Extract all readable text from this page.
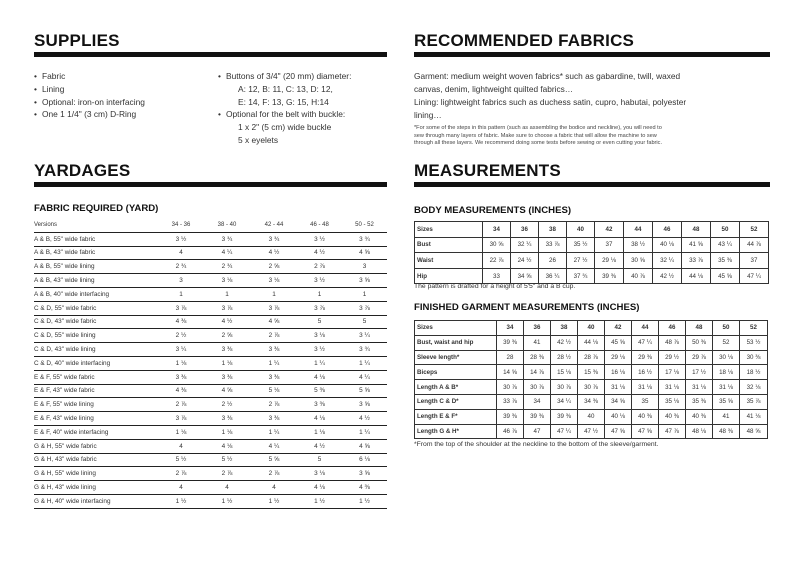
SUPPLIES
• Fabric
• Lining
• Optional: iron-on interfacing
• One 1 1/4" (3 cm) D-Ring
• Buttons of 3/4" (20 mm) diameter:
A: 12, B: 11, C: 13, D: 12,
E: 14, F: 13, G: 15, H:14
• Optional for the belt with buckle:
1 x 2" (5 cm) wide buckle
5 x eyelets
YARDAGES
FABRIC REQUIRED (YARD)
Versions	34 - 36	38 - 40	42 - 44	46 - 48	50 - 52
A & B, 55" wide fabric	3 ½	3 ¾	3 ¾	3 ½	3 ¾
A & B, 43" wide fabric	4	4 ¼	4 ½	4 ½	4 ⅝
A & B, 55" wide lining	2 ¾	2 ¾	2 ⅝	2 ⅞	3
A & B, 43" wide lining	3	3 ⅛	3 ⅛	3 ½	3 ⅝
A & B, 40" wide interfacing	1	1	1	1	1
C & D, 55" wide fabric	3 ⅞	3 ⅞	3 ⅞	3 ⅞	3 ⅞
C & D, 43" wide fabric	4 ⅜	4 ½	4 ⅝	5	5
C & D, 55" wide lining	2 ½	2 ⅝	2 ⅞	3 ⅛	3 ¼
C & D, 43" wide lining	3 ¼	3 ⅜	3 ⅜	3 ½	3 ¾
C & D, 40" wide interfacing	1 ⅛	1 ⅛	1 ¼	1 ¼	1 ¼
E & F, 55" wide fabric	3 ⅜	3 ⅜	3 ⅜	4 ⅛	4 ¼
E & F, 43" wide fabric	4 ⅜	4 ⅝	5 ⅛	5 ⅜	5 ⅝
E & F, 55" wide lining	2 ⅞	2 ½	2 ⅞	3 ⅜	3 ⅝
E & F, 43" wide lining	3 ⅞	3 ⅜	3 ⅜	4 ⅛	4 ½
E & F, 40" wide interfacing	1 ⅛	1 ⅛	1 ¼	1 ⅛	1 ¼
G & H, 55" wide fabric	4	4 ⅛	4 ¼	4 ½	4 ⅝
G & H, 43" wide fabric	5 ½	5 ½	5 ⅝	5	6 ⅛
G & H, 55" wide lining	2 ⅞	2 ⅞	2 ⅞	3 ⅛	3 ⅝
G & H, 43" wide lining	4	4	4	4 ⅛	4 ⅜
G & H, 40" wide interfacing	1 ½	1 ½	1 ½	1 ½	1 ½
RECOMMENDED FABRICS
Garment: medium weight woven fabrics* such as gabardine, twill, waxed
canvas, denim, lightweight quilted fabrics…
Lining: lightweight fabrics such as duchess satin, cupro, habutai, polyester
lining…
*For some of the steps in this pattern (such as assembling the bodice and neckline), you will need to
sew through many layers of fabric. Make sure to choose a fabric that will allow the machine to sew
through all these layers. We recommend doing some tests before sewing or even cutting your fabric.
MEASUREMENTS
BODY MEASUREMENTS (INCHES)
Sizes	34	36	38	40	42	44	46	48	50	52
Bust	30 ⅝	32 ¼	33 ⅞	35 ½	37	38 ½	40 ⅛	41 ⅝	43 ¼	44 ⅞
Waist	22 ⅞	24 ½	26	27 ½	29 ⅛	30 ⅝	32 ¼	33 ⅞	35 ⅜	37
Hip	33	34 ⅝	36 ¼	37 ¾	39 ⅜	40 ⅞	42 ½	44 ⅛	45 ⅝	47 ¼
The pattern is drafted for a height of 5'5" and a B cup.
FINISHED GARMENT MEASUREMENTS (INCHES)
Sizes	34	36	38	40	42	44	46	48	50	52
Bust, waist and hip	39 ⅜	41	42 ½	44 ⅛	45 ⅝	47 ¼	48 ⅞	50 ⅜	52	53 ½
Sleeve length*	28	28 ⅜	28 ½	28 ⅞	29 ⅛	29 ⅜	29 ½	29 ⅞	30 ⅛	30 ⅜
Biceps	14 ⅝	14 ⅞	15 ⅛	15 ⅜	16 ⅛	16 ½	17 ⅛	17 ½	18 ⅛	18 ½
Length A & B*	30 ⅞	30 ⅞	30 ⅞	30 ⅞	31 ⅛	31 ⅛	31 ⅛	31 ⅛	31 ⅛	32 ⅛
Length C & D*	33 ⅞	34	34 ¼	34 ⅜	34 ⅝	35	35 ⅛	35 ⅜	35 ⅝	35 ⅞
Length E & F*	39 ⅜	39 ⅜	39 ⅜	40	40 ⅛	40 ⅜	40 ⅜	40 ⅜	41	41 ⅛
Length G & H*	46 ⅞	47	47 ¼	47 ½	47 ⅝	47 ⅝	47 ⅞	48 ⅛	48 ⅜	48 ⅝
*From the top of the shoulder at the neckline to the bottom of the sleeve/garment.
